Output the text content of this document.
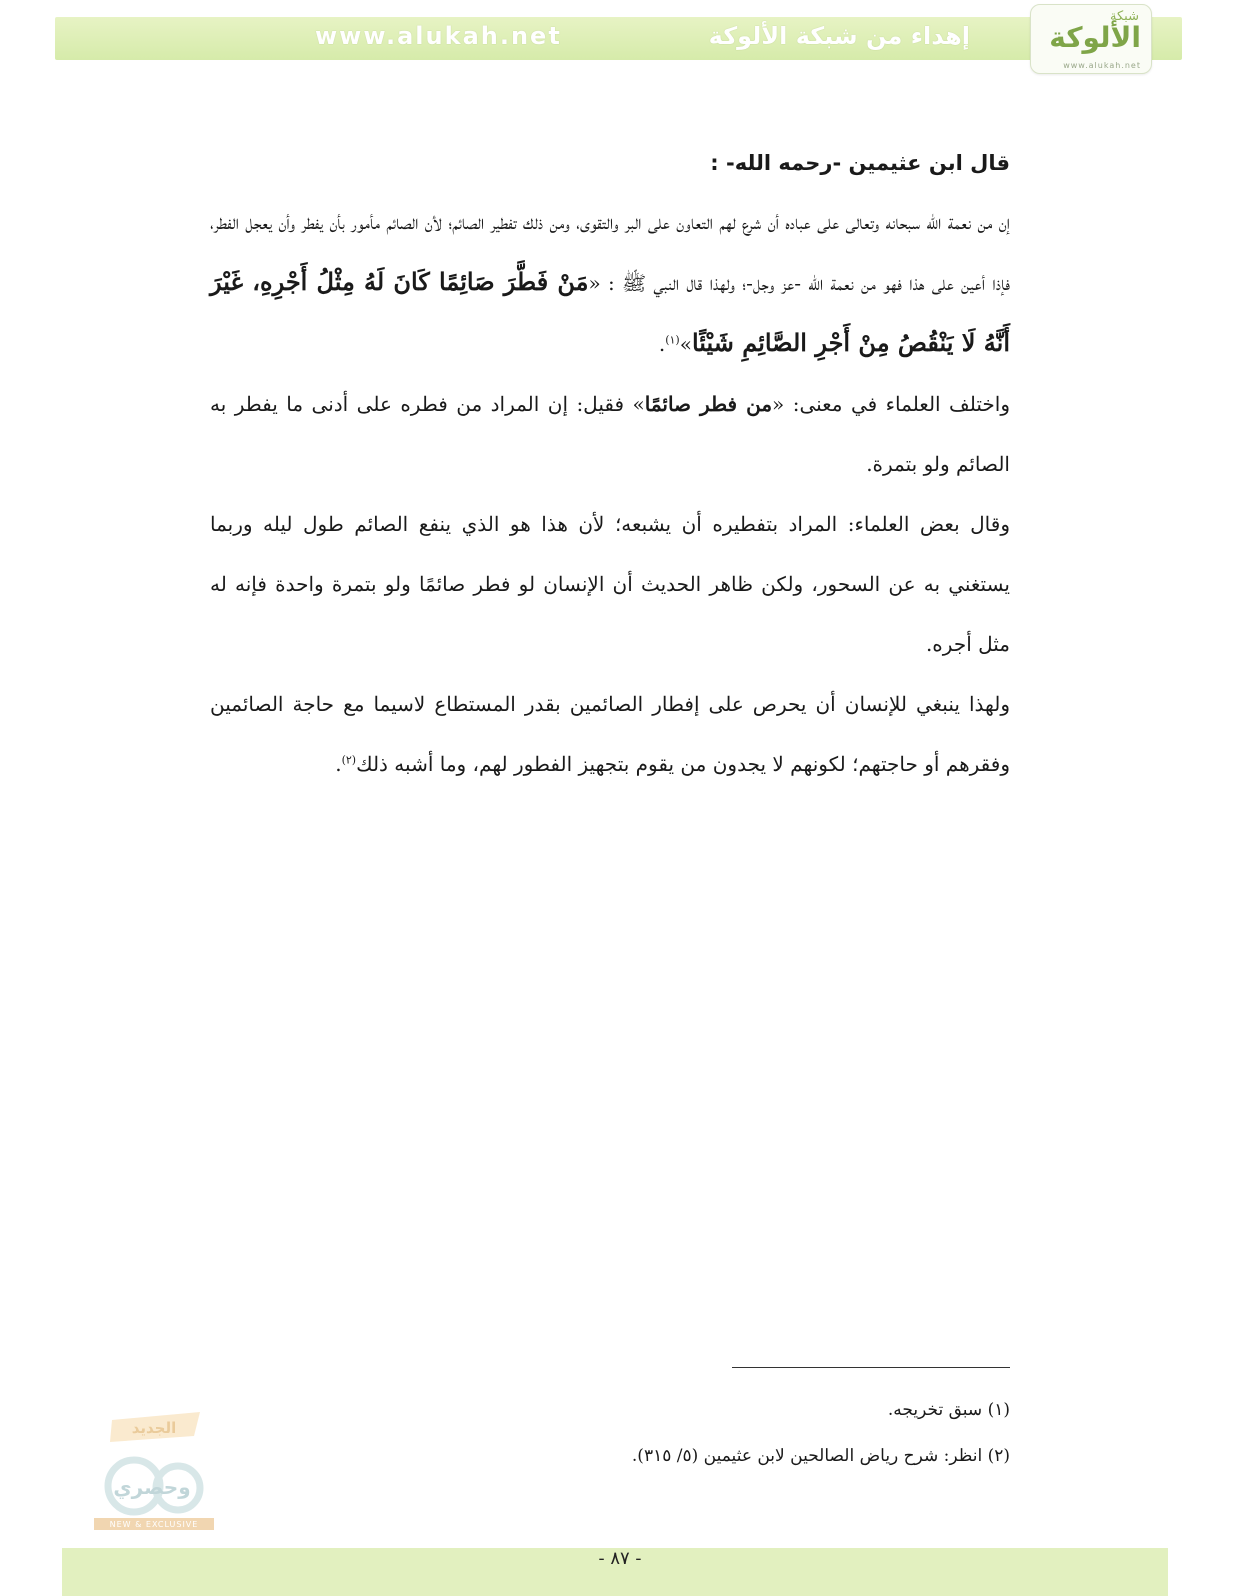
www.alukah.net	إهداء من شبكة الألوكة
شبكة
الألوكة
www.alukah.net
قال ابن عثيمين -رحمه الله- :

إن من نعمة الله سبحانه وتعالى على عباده أن شرع لهم التعاون على البر والتقوى، ومن ذلك تفطير الصائم؛ لأن الصائم مأمور بأن يفطر وأن يعجل الفطر، فإذا أعين على هذا فهو من نعمة الله -عز وجل-؛ ولهذا قال النبي ﷺ : «مَنْ فَطَّرَ صَائِمًا كَانَ لَهُ مِثْلُ أَجْرِهِ، غَيْرَ أَنَّهُ لَا يَنْقُصُ مِنْ أَجْرِ الصَّائِمِ شَيْئًا»$^{(١)}$.

واختلف العلماء في معنى: «من فطر صائمًا» فقيل: إن المراد من فطره على أدنى ما يفطر به الصائم ولو بتمرة.

وقال بعض العلماء: المراد بتفطيره أن يشبعه؛ لأن هذا هو الذي ينفع الصائم طول ليله وربما يستغني به عن السحور، ولكن ظاهر الحديث أن الإنسان لو فطر صائمًا ولو بتمرة واحدة فإنه له مثل أجره.

ولهذا ينبغي للإنسان أن يحرص على إفطار الصائمين بقدر المستطاع لاسيما مع حاجة الصائمين وفقرهم أو حاجتهم؛ لكونهم لا يجدون من يقوم بتجهيز الفطور لهم، وما أشبه ذلك$^{(٢)}$.

(١) سبق تخريجه.
(٢) انظر: شرح رياض الصالحين لابن عثيمين (٥/ ٣١٥).
الجديد
وحصري
NEW & EXCLUSIVE
- ٨٧ -
